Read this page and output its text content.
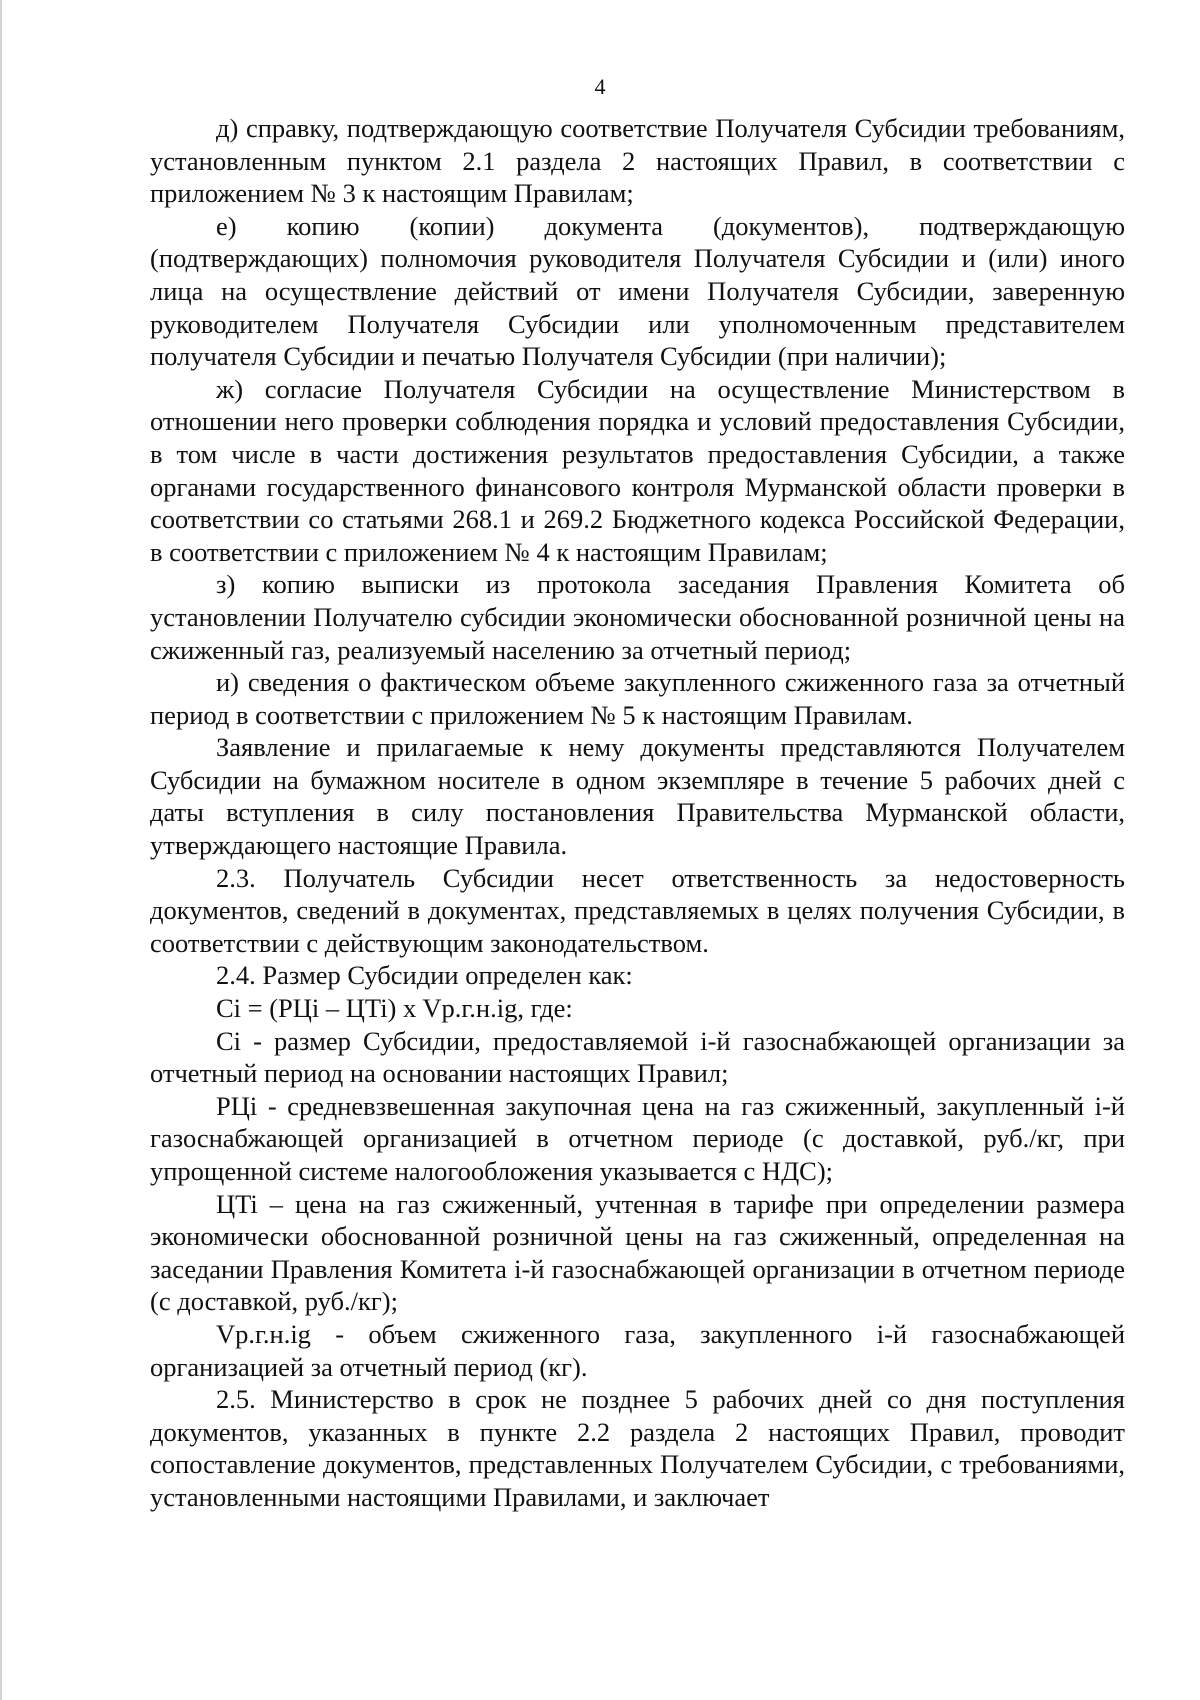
4

д) справку, подтверждающую соответствие Получателя Субсидии требованиям, установленным пунктом 2.1 раздела 2 настоящих Правил, в соответствии с приложением № 3 к настоящим Правилам;

е) копию (копии) документа (документов), подтверждающую (подтверждающих) полномочия руководителя Получателя Субсидии и (или) иного лица на осуществление действий от имени Получателя Субсидии, заверенную руководителем Получателя Субсидии или уполномоченным представителем получателя Субсидии и печатью Получателя Субсидии (при наличии);

ж) согласие Получателя Субсидии на осуществление Министерством в отношении него проверки соблюдения порядка и условий предоставления Субсидии, в том числе в части достижения результатов предоставления Субсидии, а также органами государственного финансового контроля Мурманской области проверки в соответствии со статьями 268.1 и 269.2 Бюджетного кодекса Российской Федерации, в соответствии с приложением № 4 к настоящим Правилам;

з) копию выписки из протокола заседания Правления Комитета об установлении Получателю субсидии экономически обоснованной розничной цены на сжиженный газ, реализуемый населению за отчетный период;

и) сведения о фактическом объеме закупленного сжиженного газа за отчетный период в соответствии с приложением № 5 к настоящим Правилам.

Заявление и прилагаемые к нему документы представляются Получателем Субсидии на бумажном носителе в одном экземпляре в течение 5 рабочих дней с даты вступления в силу постановления Правительства Мурманской области, утверждающего настоящие Правила.

2.3. Получатель Субсидии несет ответственность за недостоверность документов, сведений в документах, представляемых в целях получения Субсидии, в соответствии с действующим законодательством.

2.4. Размер Субсидии определен как:

Ci = (РЦi – ЦTi) x Vр.г.н.ig, где:

Ci - размер Субсидии, предоставляемой i-й газоснабжающей организации за отчетный период на основании настоящих Правил;

РЦi - средневзвешенная закупочная цена на газ сжиженный, закупленный i-й газоснабжающей организацией в отчетном периоде (с доставкой, руб./кг, при упрощенной системе налогообложения указывается с НДС);

ЦTi – цена на газ сжиженный, учтенная в тарифе при определении размера экономически обоснованной розничной цены на газ сжиженный, определенная на заседании Правления Комитета i-й газоснабжающей организации в отчетном периоде (с доставкой, руб./кг);

Vр.г.н.ig - объем сжиженного газа, закупленного i-й газоснабжающей организацией за отчетный период (кг).

2.5. Министерство в срок не позднее 5 рабочих дней со дня поступления документов, указанных в пункте 2.2 раздела 2 настоящих Правил, проводит сопоставление документов, представленных Получателем Субсидии, с требованиями, установленными настоящими Правилами, и заключает
